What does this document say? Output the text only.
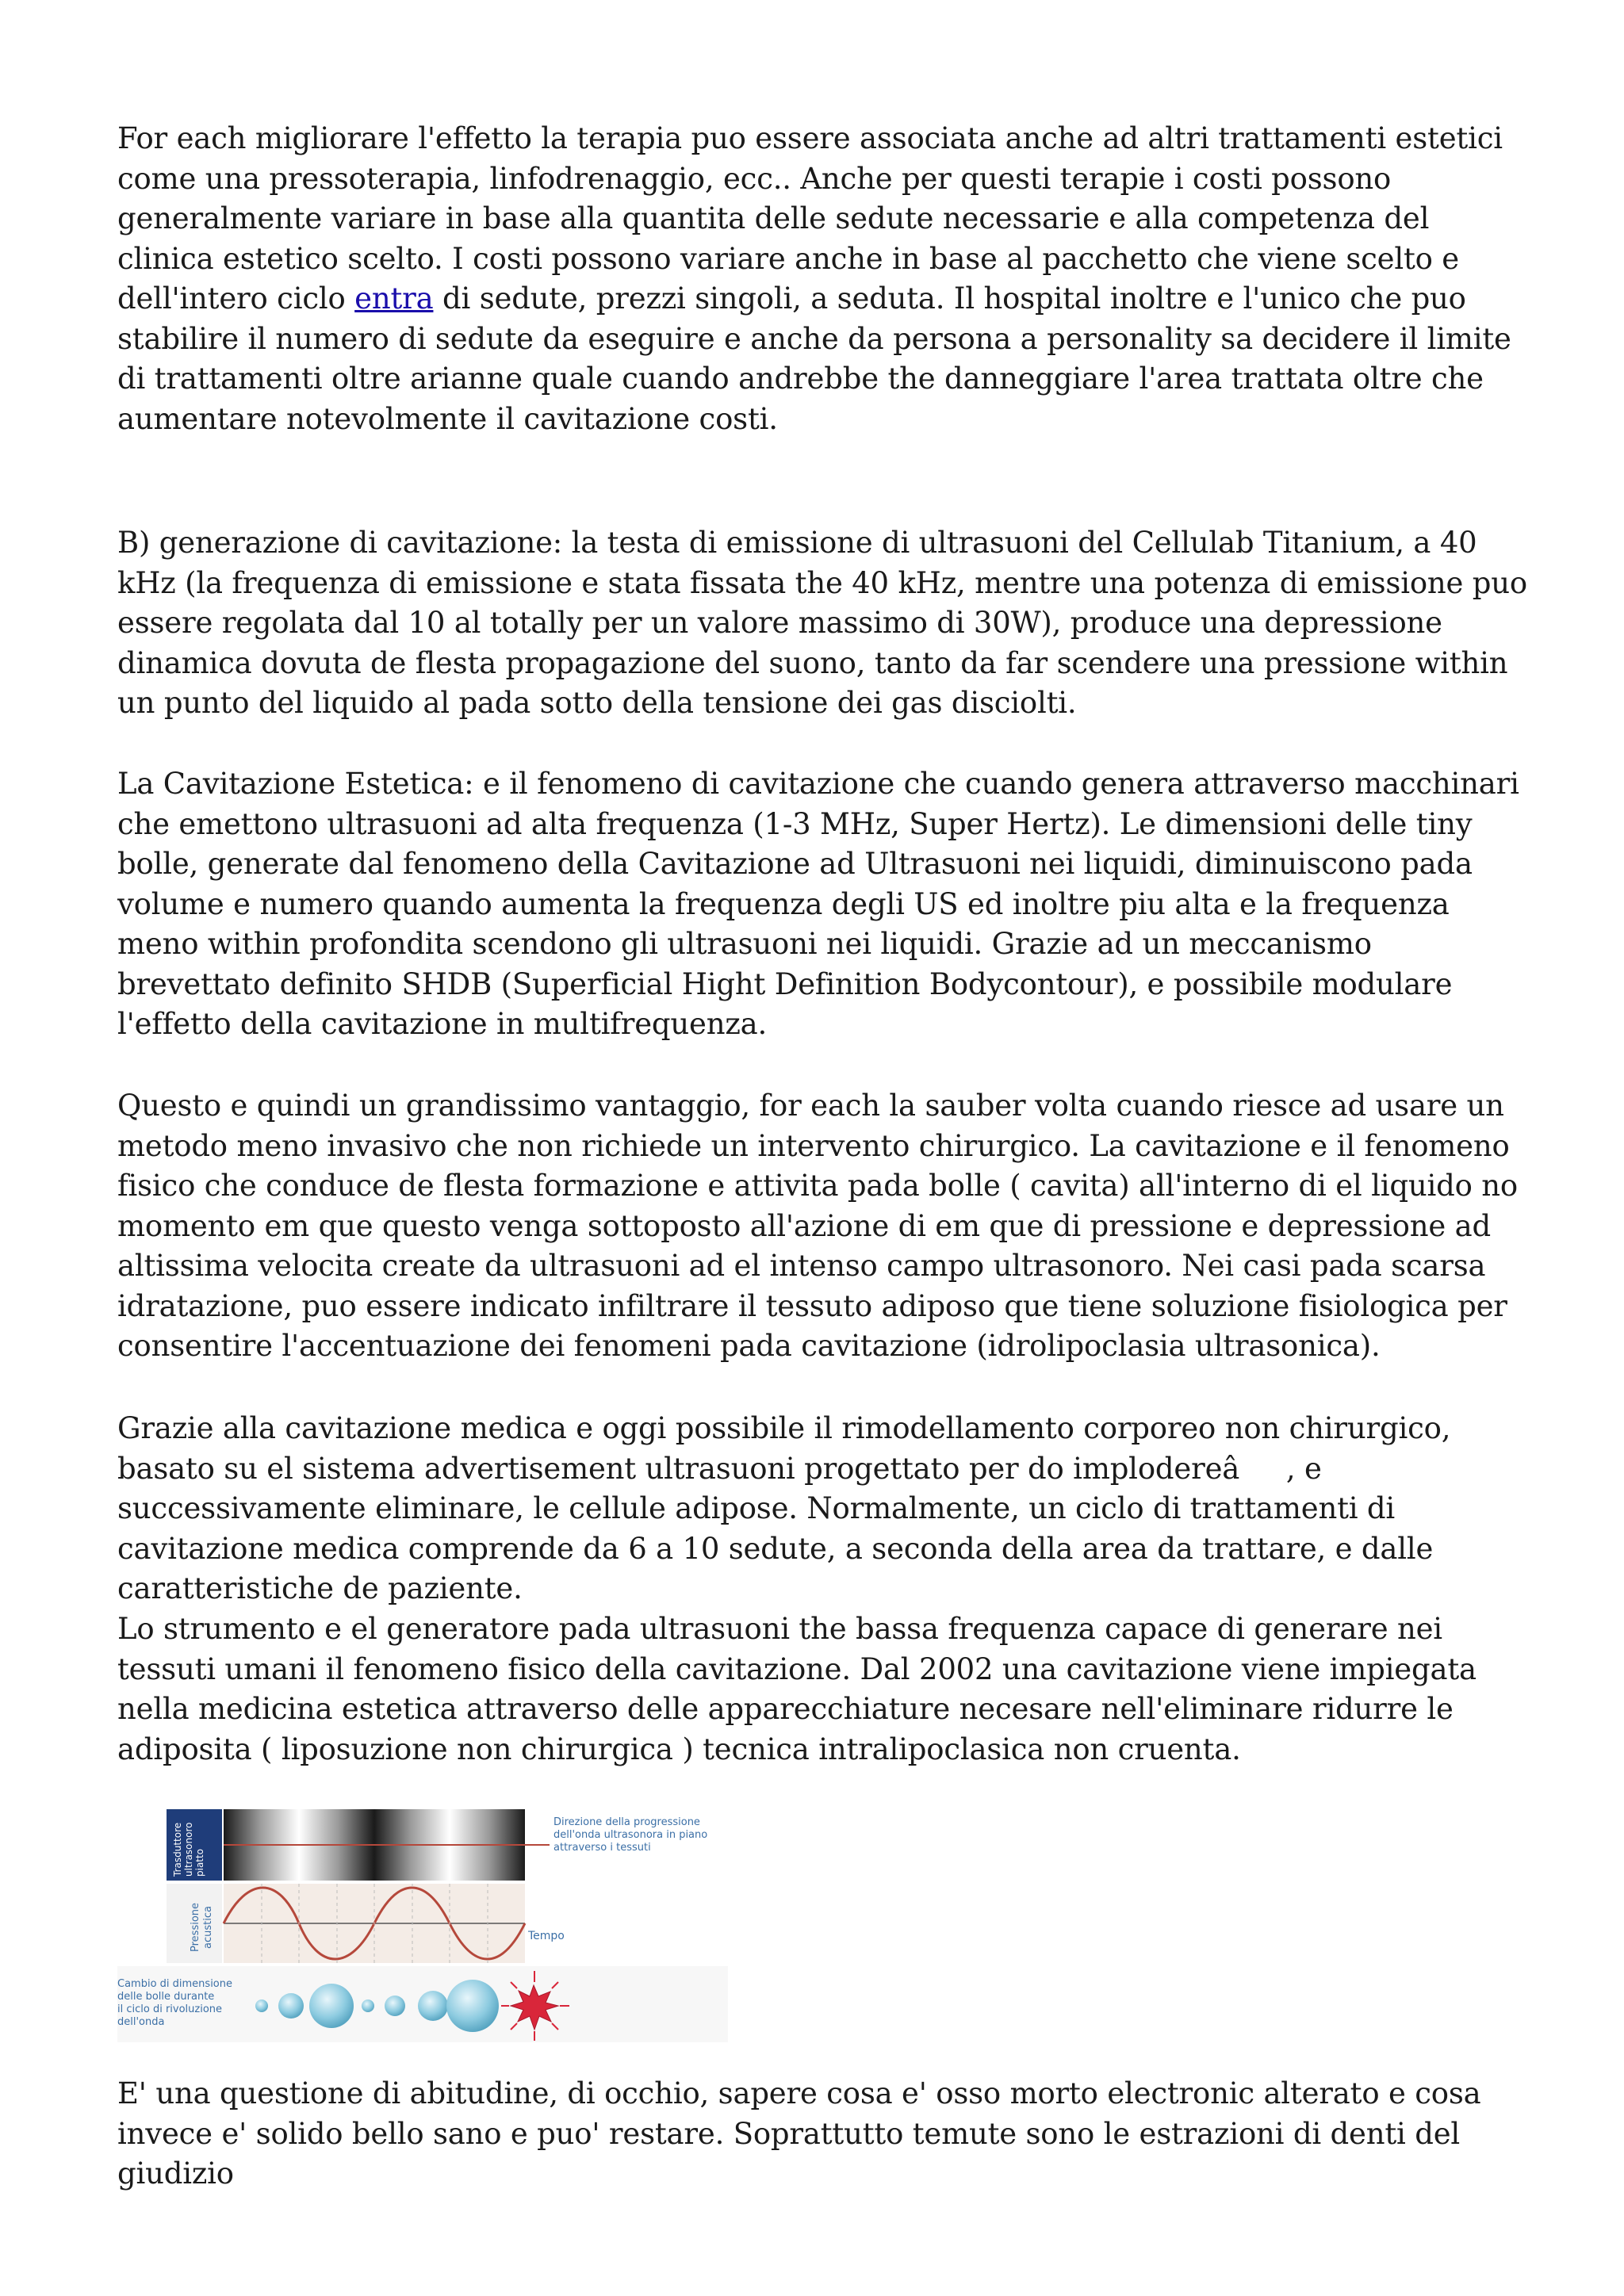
For each migliorare l'effetto la terapia puo essere associata anche ad altri trattamenti estetici come una pressoterapia, linfodrenaggio, ecc.. Anche per questi terapie i costi possono generalmente variare in base alla quantita delle sedute necessarie e alla competenza del clinica estetico scelto. I costi possono variare anche in base al pacchetto che viene scelto e dell'intero ciclo entra di sedute, prezzi singoli, a seduta. Il hospital inoltre e l'unico che puo stabilire il numero di sedute da eseguire e anche da persona a personality sa decidere il limite di trattamenti oltre arianne quale cuando andrebbe the danneggiare l'area trattata oltre che aumentare notevolmente il cavitazione costi.

B) generazione di cavitazione: la testa di emissione di ultrasuoni del Cellulab Titanium, a 40 kHz (la frequenza di emissione e stata fissata the 40 kHz, mentre una potenza di emissione puo essere regolata dal 10 al totally per un valore massimo di 30W), produce una depressione dinamica dovuta de flesta propagazione del suono, tanto da far scendere una pressione within un punto del liquido al pada sotto della tensione dei gas disciolti.

La Cavitazione Estetica: e il fenomeno di cavitazione che cuando genera attraverso macchinari che emettono ultrasuoni ad alta frequenza (1-3 MHz, Super Hertz). Le dimensioni delle tiny bolle, generate dal fenomeno della Cavitazione ad Ultrasuoni nei liquidi, diminuiscono pada volume e numero quando aumenta la frequenza degli US ed inoltre piu alta e la frequenza meno within profondita scendono gli ultrasuoni nei liquidi. Grazie ad un meccanismo brevettato definito SHDB (Superficial Hight Definition Bodycontour), e possibile modulare l'effetto della cavitazione in multifrequenza.

Questo e quindi un grandissimo vantaggio, for each la sauber volta cuando riesce ad usare un metodo meno invasivo che non richiede un intervento chirurgico. La cavitazione e il fenomeno fisico che conduce de flesta formazione e attivita pada bolle ( cavita) all'interno di el liquido no momento em que questo venga sottoposto all'azione di em que di pressione e depressione ad altissima velocita create da ultrasuoni ad el intenso campo ultrasonoro. Nei casi pada scarsa idratazione, puo essere indicato infiltrare il tessuto adiposo que tiene soluzione fisiologica per consentire l'accentuazione dei fenomeni pada cavitazione (idrolipoclasia ultrasonica).

Grazie alla cavitazione medica e oggi possibile il rimodellamento corporeo non chirurgico, basato su el sistema advertisement ultrasuoni progettato per do implodereâ, e successivamente eliminare, le cellule adipose. Normalmente, un ciclo di trattamenti di cavitazione medica comprende da 6 a 10 sedute, a seconda della area da trattare, e dalle caratteristiche de paziente.

Lo strumento e el generatore pada ultrasuoni the bassa frequenza capace di generare nei tessuti umani il fenomeno fisico della cavitazione. Dal 2002 una cavitazione viene impiegata nella medicina estetica attraverso delle apparecchiature necesare nell'eliminare ridurre le adiposita ( liposuzione non chirurgica ) tecnica intralipoclasica non cruenta.

Trasduttore ultrasonoro piatto
Direzione della progressione
dell'onda ultrasonora in piano
attraverso i tessuti
Pressione acustica	Tempo
Cambio di dimensione
delle bolle durante
il ciclo di rivoluzione
dell'onda

E' una questione di abitudine, di occhio, sapere cosa e' osso morto electronic alterato e cosa invece e' solido bello sano e puo' restare. Soprattutto temute sono le estrazioni di denti del giudizio
